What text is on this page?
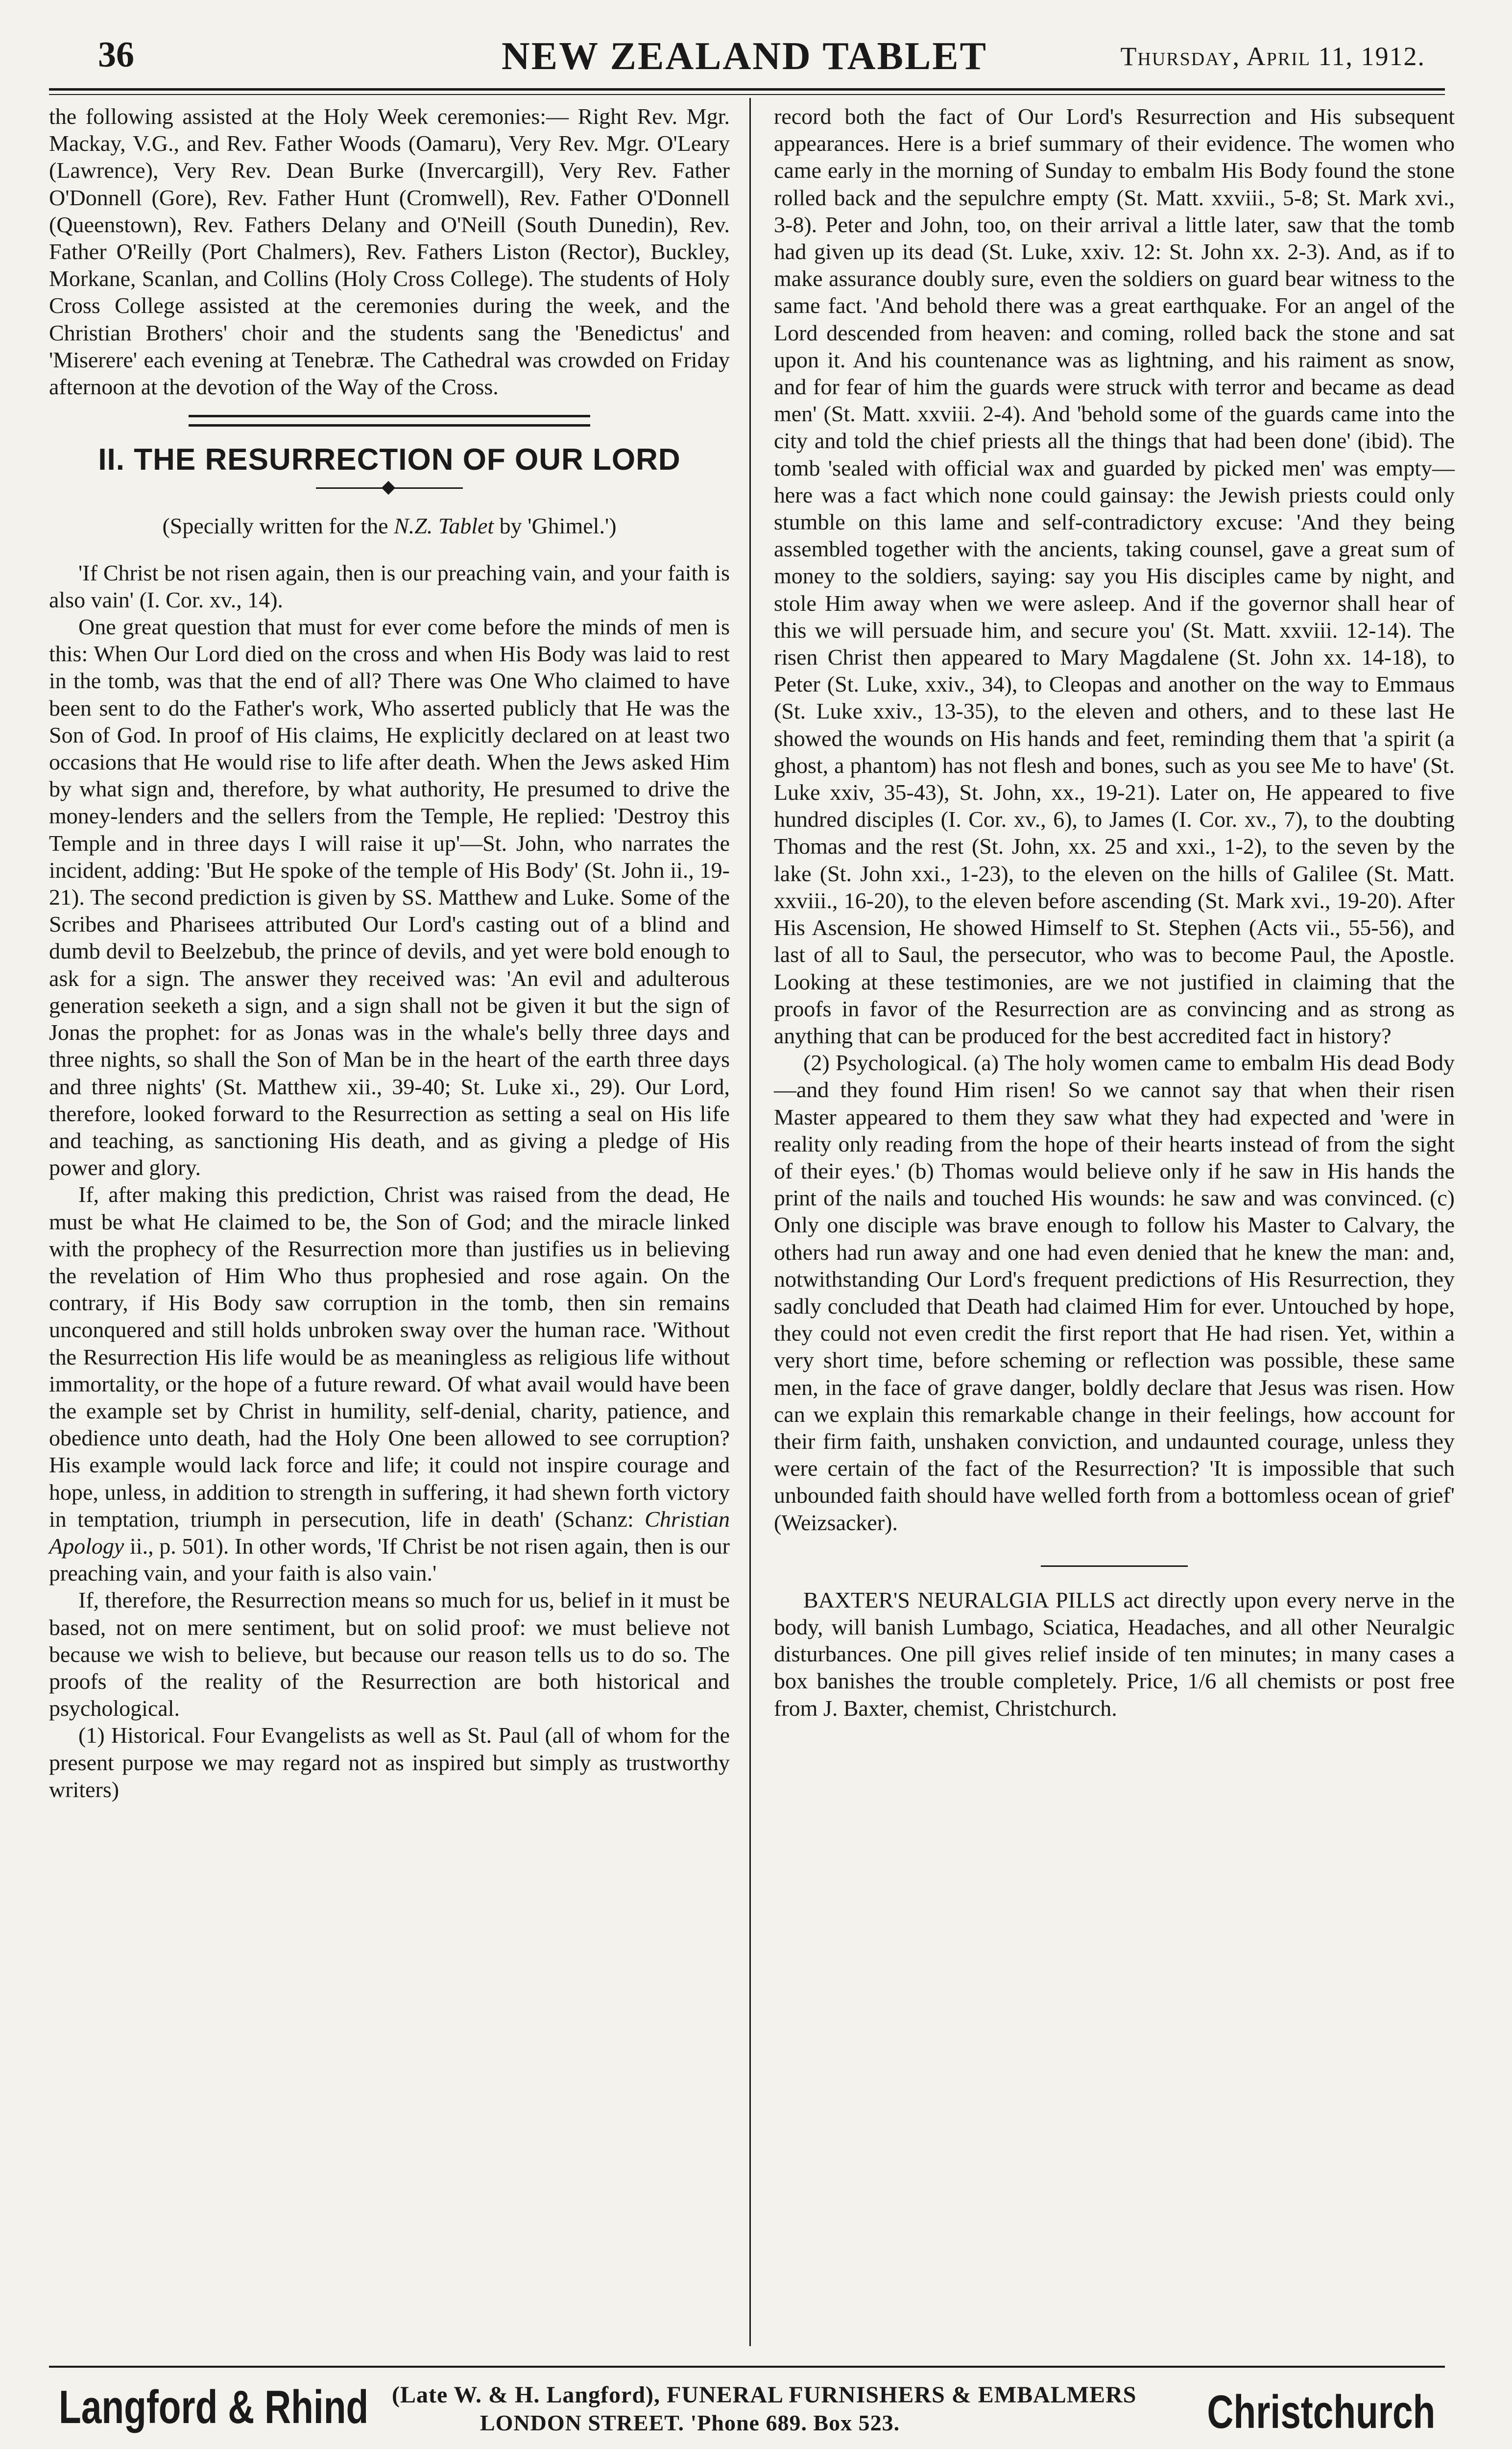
36	NEW ZEALAND TABLET	Thursday, April 11, 1912.

the following assisted at the Holy Week ceremonies:— Right Rev. Mgr. Mackay, V.G., and Rev. Father Woods (Oamaru), Very Rev. Mgr. O'Leary (Lawrence), Very Rev. Dean Burke (Invercargill), Very Rev. Father O'Donnell (Gore), Rev. Father Hunt (Cromwell), Rev. Father O'Donnell (Queenstown), Rev. Fathers Delany and O'Neill (South Dunedin), Rev. Father O'Reilly (Port Chalmers), Rev. Fathers Liston (Rector), Buckley, Morkane, Scanlan, and Collins (Holy Cross College). The students of Holy Cross College assisted at the ceremonies during the week, and the Christian Brothers' choir and the students sang the 'Benedictus' and 'Miserere' each evening at Tenebræ. The Cathedral was crowded on Friday afternoon at the devotion of the Way of the Cross.

II. THE RESURRECTION OF OUR LORD
(Specially written for the N.Z. Tablet by 'Ghimel.')

'If Christ be not risen again, then is our preaching vain, and your faith is also vain' (I. Cor. xv., 14).

One great question that must for ever come before the minds of men is this: When Our Lord died on the cross and when His Body was laid to rest in the tomb, was that the end of all? There was One Who claimed to have been sent to do the Father's work, Who asserted publicly that He was the Son of God. In proof of His claims, He explicitly declared on at least two occasions that He would rise to life after death. When the Jews asked Him by what sign and, therefore, by what authority, He presumed to drive the money-lenders and the sellers from the Temple, He replied: 'Destroy this Temple and in three days I will raise it up'—St. John, who narrates the incident, adding: 'But He spoke of the temple of His Body' (St. John ii., 19-21). The second prediction is given by SS. Matthew and Luke. Some of the Scribes and Pharisees attributed Our Lord's casting out of a blind and dumb devil to Beelzebub, the prince of devils, and yet were bold enough to ask for a sign. The answer they received was: 'An evil and adulterous generation seeketh a sign, and a sign shall not be given it but the sign of Jonas the prophet: for as Jonas was in the whale's belly three days and three nights, so shall the Son of Man be in the heart of the earth three days and three nights' (St. Matthew xii., 39-40; St. Luke xi., 29). Our Lord, therefore, looked forward to the Resurrection as setting a seal on His life and teaching, as sanctioning His death, and as giving a pledge of His power and glory.

If, after making this prediction, Christ was raised from the dead, He must be what He claimed to be, the Son of God; and the miracle linked with the prophecy of the Resurrection more than justifies us in believing the revelation of Him Who thus prophesied and rose again. On the contrary, if His Body saw corruption in the tomb, then sin remains unconquered and still holds unbroken sway over the human race. 'Without the Resurrection His life would be as meaningless as religious life without immortality, or the hope of a future reward. Of what avail would have been the example set by Christ in humility, self-denial, charity, patience, and obedience unto death, had the Holy One been allowed to see corruption? His example would lack force and life; it could not inspire courage and hope, unless, in addition to strength in suffering, it had shewn forth victory in temptation, triumph in persecution, life in death' (Schanz: Christian Apology ii., p. 501). In other words, 'If Christ be not risen again, then is our preaching vain, and your faith is also vain.'

If, therefore, the Resurrection means so much for us, belief in it must be based, not on mere sentiment, but on solid proof: we must believe not because we wish to believe, but because our reason tells us to do so. The proofs of the reality of the Resurrection are both historical and psychological.

(1) Historical. Four Evangelists as well as St. Paul (all of whom for the present purpose we may regard not as inspired but simply as trustworthy writers)

record both the fact of Our Lord's Resurrection and His subsequent appearances. Here is a brief summary of their evidence. The women who came early in the morning of Sunday to embalm His Body found the stone rolled back and the sepulchre empty (St. Matt. xxviii., 5-8; St. Mark xvi., 3-8). Peter and John, too, on their arrival a little later, saw that the tomb had given up its dead (St. Luke, xxiv. 12: St. John xx. 2-3). And, as if to make assurance doubly sure, even the soldiers on guard bear witness to the same fact. 'And behold there was a great earthquake. For an angel of the Lord descended from heaven: and coming, rolled back the stone and sat upon it. And his countenance was as lightning, and his raiment as snow, and for fear of him the guards were struck with terror and became as dead men' (St. Matt. xxviii. 2-4). And 'behold some of the guards came into the city and told the chief priests all the things that had been done' (ibid). The tomb 'sealed with official wax and guarded by picked men' was empty—here was a fact which none could gainsay: the Jewish priests could only stumble on this lame and self-contradictory excuse: 'And they being assembled together with the ancients, taking counsel, gave a great sum of money to the soldiers, saying: say you His disciples came by night, and stole Him away when we were asleep. And if the governor shall hear of this we will persuade him, and secure you' (St. Matt. xxviii. 12-14). The risen Christ then appeared to Mary Magdalene (St. John xx. 14-18), to Peter (St. Luke, xxiv., 34), to Cleopas and another on the way to Emmaus (St. Luke xxiv., 13-35), to the eleven and others, and to these last He showed the wounds on His hands and feet, reminding them that 'a spirit (a ghost, a phantom) has not flesh and bones, such as you see Me to have' (St. Luke xxiv, 35-43), St. John, xx., 19-21). Later on, He appeared to five hundred disciples (I. Cor. xv., 6), to James (I. Cor. xv., 7), to the doubting Thomas and the rest (St. John, xx. 25 and xxi., 1-2), to the seven by the lake (St. John xxi., 1-23), to the eleven on the hills of Galilee (St. Matt. xxviii., 16-20), to the eleven before ascending (St. Mark xvi., 19-20). After His Ascension, He showed Himself to St. Stephen (Acts vii., 55-56), and last of all to Saul, the persecutor, who was to become Paul, the Apostle. Looking at these testimonies, are we not justified in claiming that the proofs in favor of the Resurrection are as convincing and as strong as anything that can be produced for the best accredited fact in history?

(2) Psychological. (a) The holy women came to embalm His dead Body—and they found Him risen! So we cannot say that when their risen Master appeared to them they saw what they had expected and 'were in reality only reading from the hope of their hearts instead of from the sight of their eyes.' (b) Thomas would believe only if he saw in His hands the print of the nails and touched His wounds: he saw and was convinced. (c) Only one disciple was brave enough to follow his Master to Calvary, the others had run away and one had even denied that he knew the man: and, notwithstanding Our Lord's frequent predictions of His Resurrection, they sadly concluded that Death had claimed Him for ever. Untouched by hope, they could not even credit the first report that He had risen. Yet, within a very short time, before scheming or reflection was possible, these same men, in the face of grave danger, boldly declare that Jesus was risen. How can we explain this remarkable change in their feelings, how account for their firm faith, unshaken conviction, and undaunted courage, unless they were certain of the fact of the Resurrection? 'It is impossible that such unbounded faith should have welled forth from a bottomless ocean of grief' (Weizsacker).

BAXTER'S NEURALGIA PILLS act directly upon every nerve in the body, will banish Lumbago, Sciatica, Headaches, and all other Neuralgic disturbances. One pill gives relief inside of ten minutes; in many cases a box banishes the trouble completely. Price, 1/6 all chemists or post free from J. Baxter, chemist, Christchurch.

Langford & Rhind (Late W. & H. Langford), FUNERAL FURNISHERS & EMBALMERS
LONDON STREET. 'Phone 689. Box 523.	Christchurch
